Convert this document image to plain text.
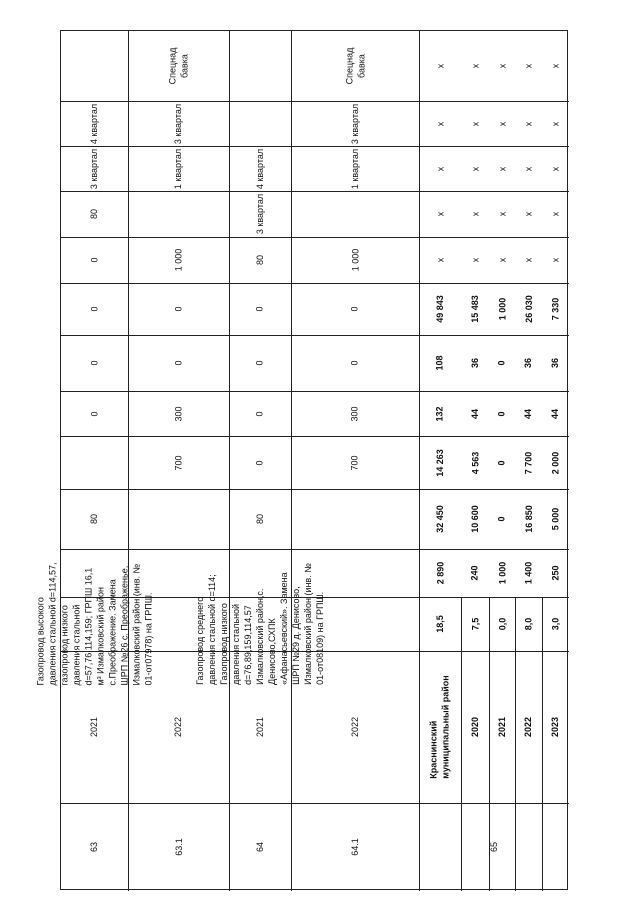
63
2021
Газопровод высокого давления стальной d=114,57, газопровод низкого давления стальной d=57,76,114,159; ГРПШ 16,1 м³ Измалковский район с.Преображение. Замена ШРП №26 с. Преображенье, Измалковский район (инв. № 01-от07978) на ГРПШ.
80
0
0
0
0
80
3 квартал
4 квартал
Спецнад бавка
63.1
2022
700
300
0
0
1 000
1 квартал
3 квартал
64
2021
Газопровод среднего давления стальной d=114; Газопровод низкого давления стальной d=76,89,159,114,57 Измалковский район,с. Денисово,СХПК «Афанасьевский». Замена ШРП №29 д. Денисово, Измалковский район (инв. № 01-от08109) на ГРПШ.
80
0
0
0
0
80
3 квартал
4 квартал
Спецнад бавка
64.1
2022
700
300
0
0
1 000
1 квартал
3 квартал
65
Краснинский муниципальный район
18,5
2 890
32 450
14 263
132
108
49 843
х
х
х
х
х
2020
7,5
240
10 600
4 563
44
36
15 483
х
х
х
х
х
2021
0,0
1 000
0
0
0
0
1 000
х
х
х
х
х
2022
8,0
1 400
16 850
7 700
44
36
26 030
х
х
х
х
х
2023
3,0
250
5 000
2 000
44
36
7 330
х
х
х
х
х
